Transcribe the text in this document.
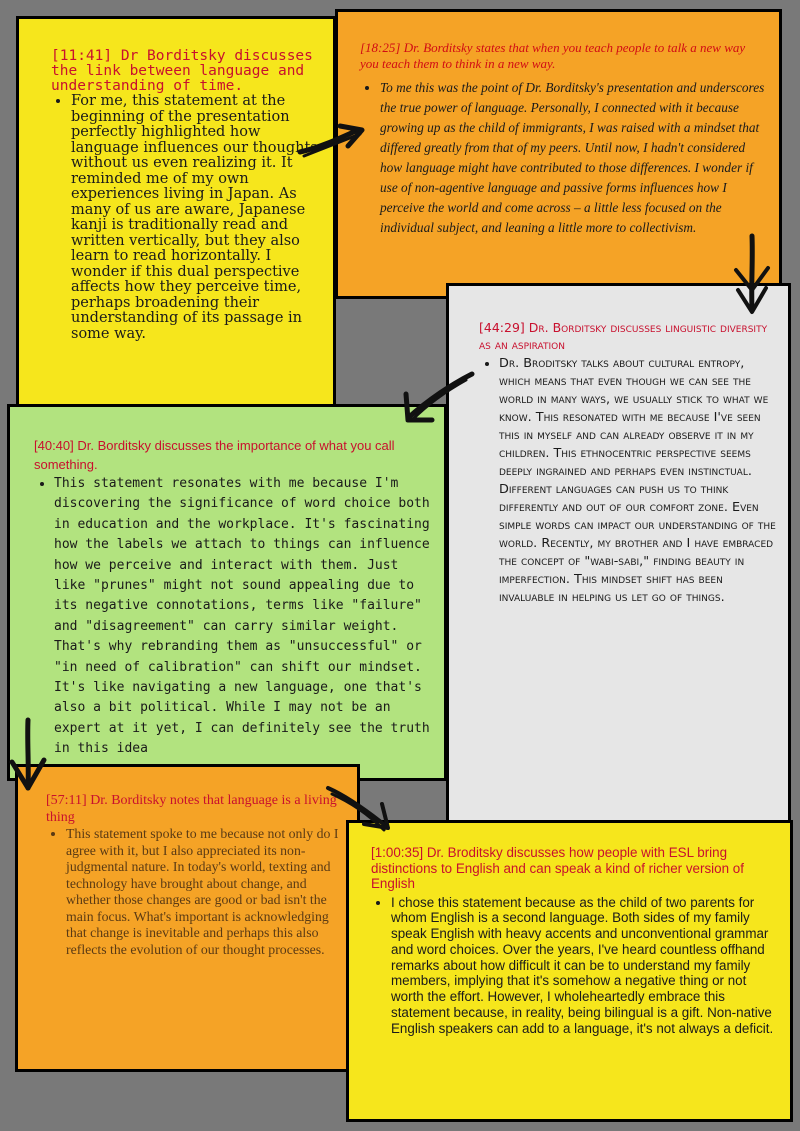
[11:41] Dr Borditsky discusses the link between language and understanding of time.
• For me, this statement at the beginning of the presentation perfectly highlighted how language influences our thoughts without us even realizing it. It reminded me of my own experiences living in Japan. As many of us are aware, Japanese kanji is traditionally read and written vertically, but they also learn to read horizontally. I wonder if this dual perspective affects how they perceive time, perhaps broadening their understanding of its passage in some way.
[18:25] Dr. Borditsky states that when you teach people to talk a new way you teach them to think in a new way.
• To me this was the point of Dr. Borditsky's presentation and underscores the true power of language. Personally, I connected with it because growing up as the child of immigrants, I was raised with a mindset that differed greatly from that of my peers. Until now, I hadn't considered how language might have contributed to those differences. I wonder if use of non-agentive language and passive forms influences how I perceive the world and come across – a little less focused on the individual subject, and leaning a little more to collectivism.
[44:29] Dr. Borditsky discusses linguistic diversity as an aspiration
• Dr. Broditsky talks about cultural entropy, which means that even though we can see the world in many ways, we usually stick to what we know. This resonated with me because I've seen this in myself and can already observe it in my children. This ethnocentric perspective seems deeply ingrained and perhaps even instinctual. Different languages can push us to think differently and out of our comfort zone. Even simple words can impact our understanding of the world. Recently, my brother and I have embraced the concept of "wabi-sabi," finding beauty in imperfection. This mindset shift has been invaluable in helping us let go of things.
[40:40] Dr. Borditsky discusses the importance of what you call something.
• This statement resonates with me because I'm discovering the significance of word choice both in education and the workplace. It's fascinating how the labels we attach to things can influence how we perceive and interact with them. Just like "prunes" might not sound appealing due to its negative connotations, terms like "failure" and "disagreement" can carry similar weight. That's why rebranding them as "unsuccessful" or "in need of calibration" can shift our mindset. It's like navigating a new language, one that's also a bit political. While I may not be an expert at it yet, I can definitely see the truth in this idea
[57:11] Dr. Borditsky notes that language is a living thing
• This statement spoke to me because not only do I agree with it, but I also appreciated its non-judgmental nature. In today's world, texting and technology have brought about change, and whether those changes are good or bad isn't the main focus. What's important is acknowledging that change is inevitable and perhaps this also reflects the evolution of our thought processes.
[1:00:35] Dr. Broditsky discusses how people with ESL bring distinctions to English and can speak a kind of richer version of English
• I chose this statement because as the child of two parents for whom English is a second language. Both sides of my family speak English with heavy accents and unconventional grammar and word choices. Over the years, I've heard countless offhand remarks about how difficult it can be to understand my family members, implying that it's somehow a negative thing or not worth the effort. However, I wholeheartedly embrace this statement because, in reality, being bilingual is a gift. Non-native English speakers can add to a language, it's not always a deficit.
